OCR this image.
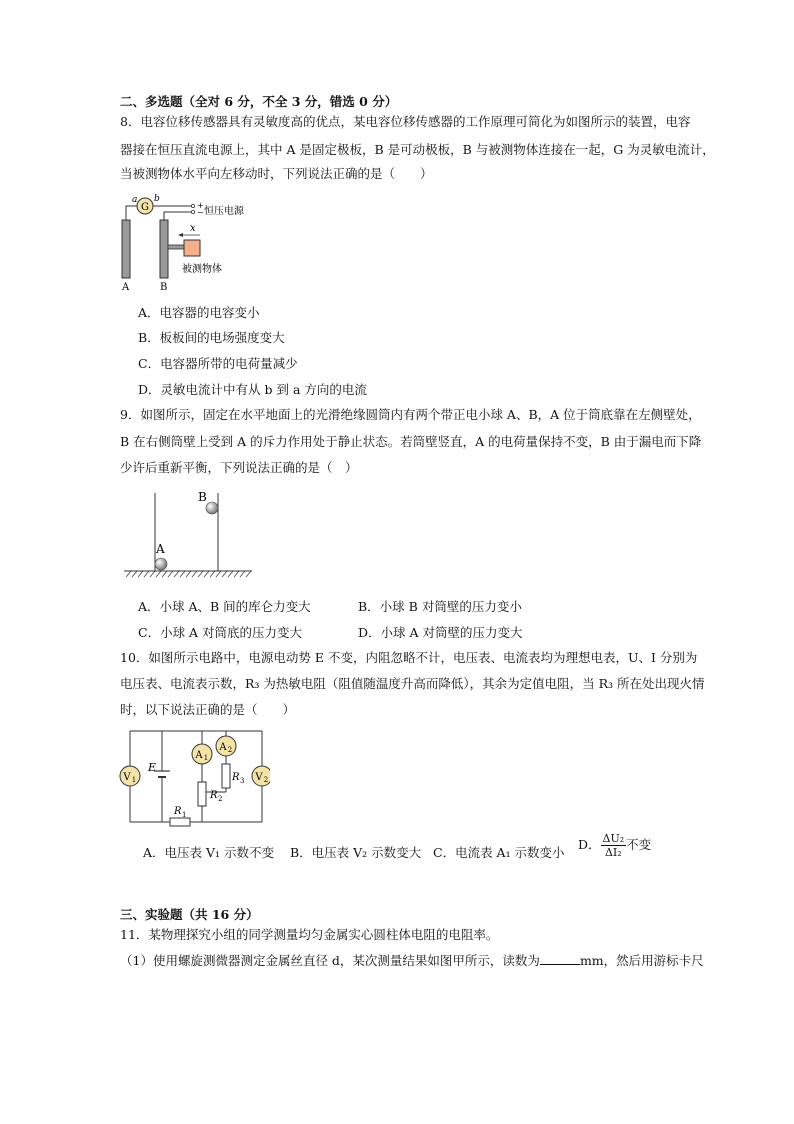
二、多选题（全对 6 分，不全 3 分，错选 0 分）
8．电容位移传感器具有灵敏度高的优点，某电容位移传感器的工作原理可简化为如图所示的装置，电容
器接在恒压直流电源上，其中 A 是固定极板，B 是可动极板，B 与被测物体连接在一起，G 为灵敏电流计，
当被测物体水平向左移动时，下列说法正确的是（　　）
G
a b
+
− 恒压电源
x
被测物体
A	B
A．电容器的电容变小
B．板板间的电场强度变大
C．电容器所带的电荷量减少
D．灵敏电流计中有从 b 到 a 方向的电流
9．如图所示，固定在水平地面上的光滑绝缘圆筒内有两个带正电小球 A、B，A 位于筒底靠在左侧壁处，
B 在右侧筒壁上受到 A 的斥力作用处于静止状态。若筒壁竖直，A 的电荷量保持不变，B 由于漏电而下降
少许后重新平衡，下列说法正确的是（　）
A
B
A．小球 A、B 间的库仑力变大	B．小球 B 对筒壁的压力变小
C．小球 A 对筒底的压力变大	D．小球 A 对筒壁的压力变大
10．如图所示电路中，电源电动势 E 不变，内阻忽略不计，电压表、电流表均为理想电表，U、I 分别为
电压表、电流表示数，R₃ 为热敏电阻（阻值随温度升高而降低），其余为定值电阻，当 R₃ 所在处出现火情
时，以下说法正确的是（　　）
E
V 1	V 2
A 1
A 2
R 2
R 3
R 1
A．电压表 V₁ 示数不变 B．电压表 V₂ 示数变大 C．电流表 A₁ 示数变小
D． $\frac{\text{ΔU₂}}{\text{ΔI₂}}$ 不变
三、实验题（共 16 分）
11．某物理探究小组的同学测量均匀金属实心圆柱体电阻的电阻率。
（1）使用螺旋测微器测定金属丝直径 d，某次测量结果如图甲所示，读数为	mm，然后用游标卡尺
